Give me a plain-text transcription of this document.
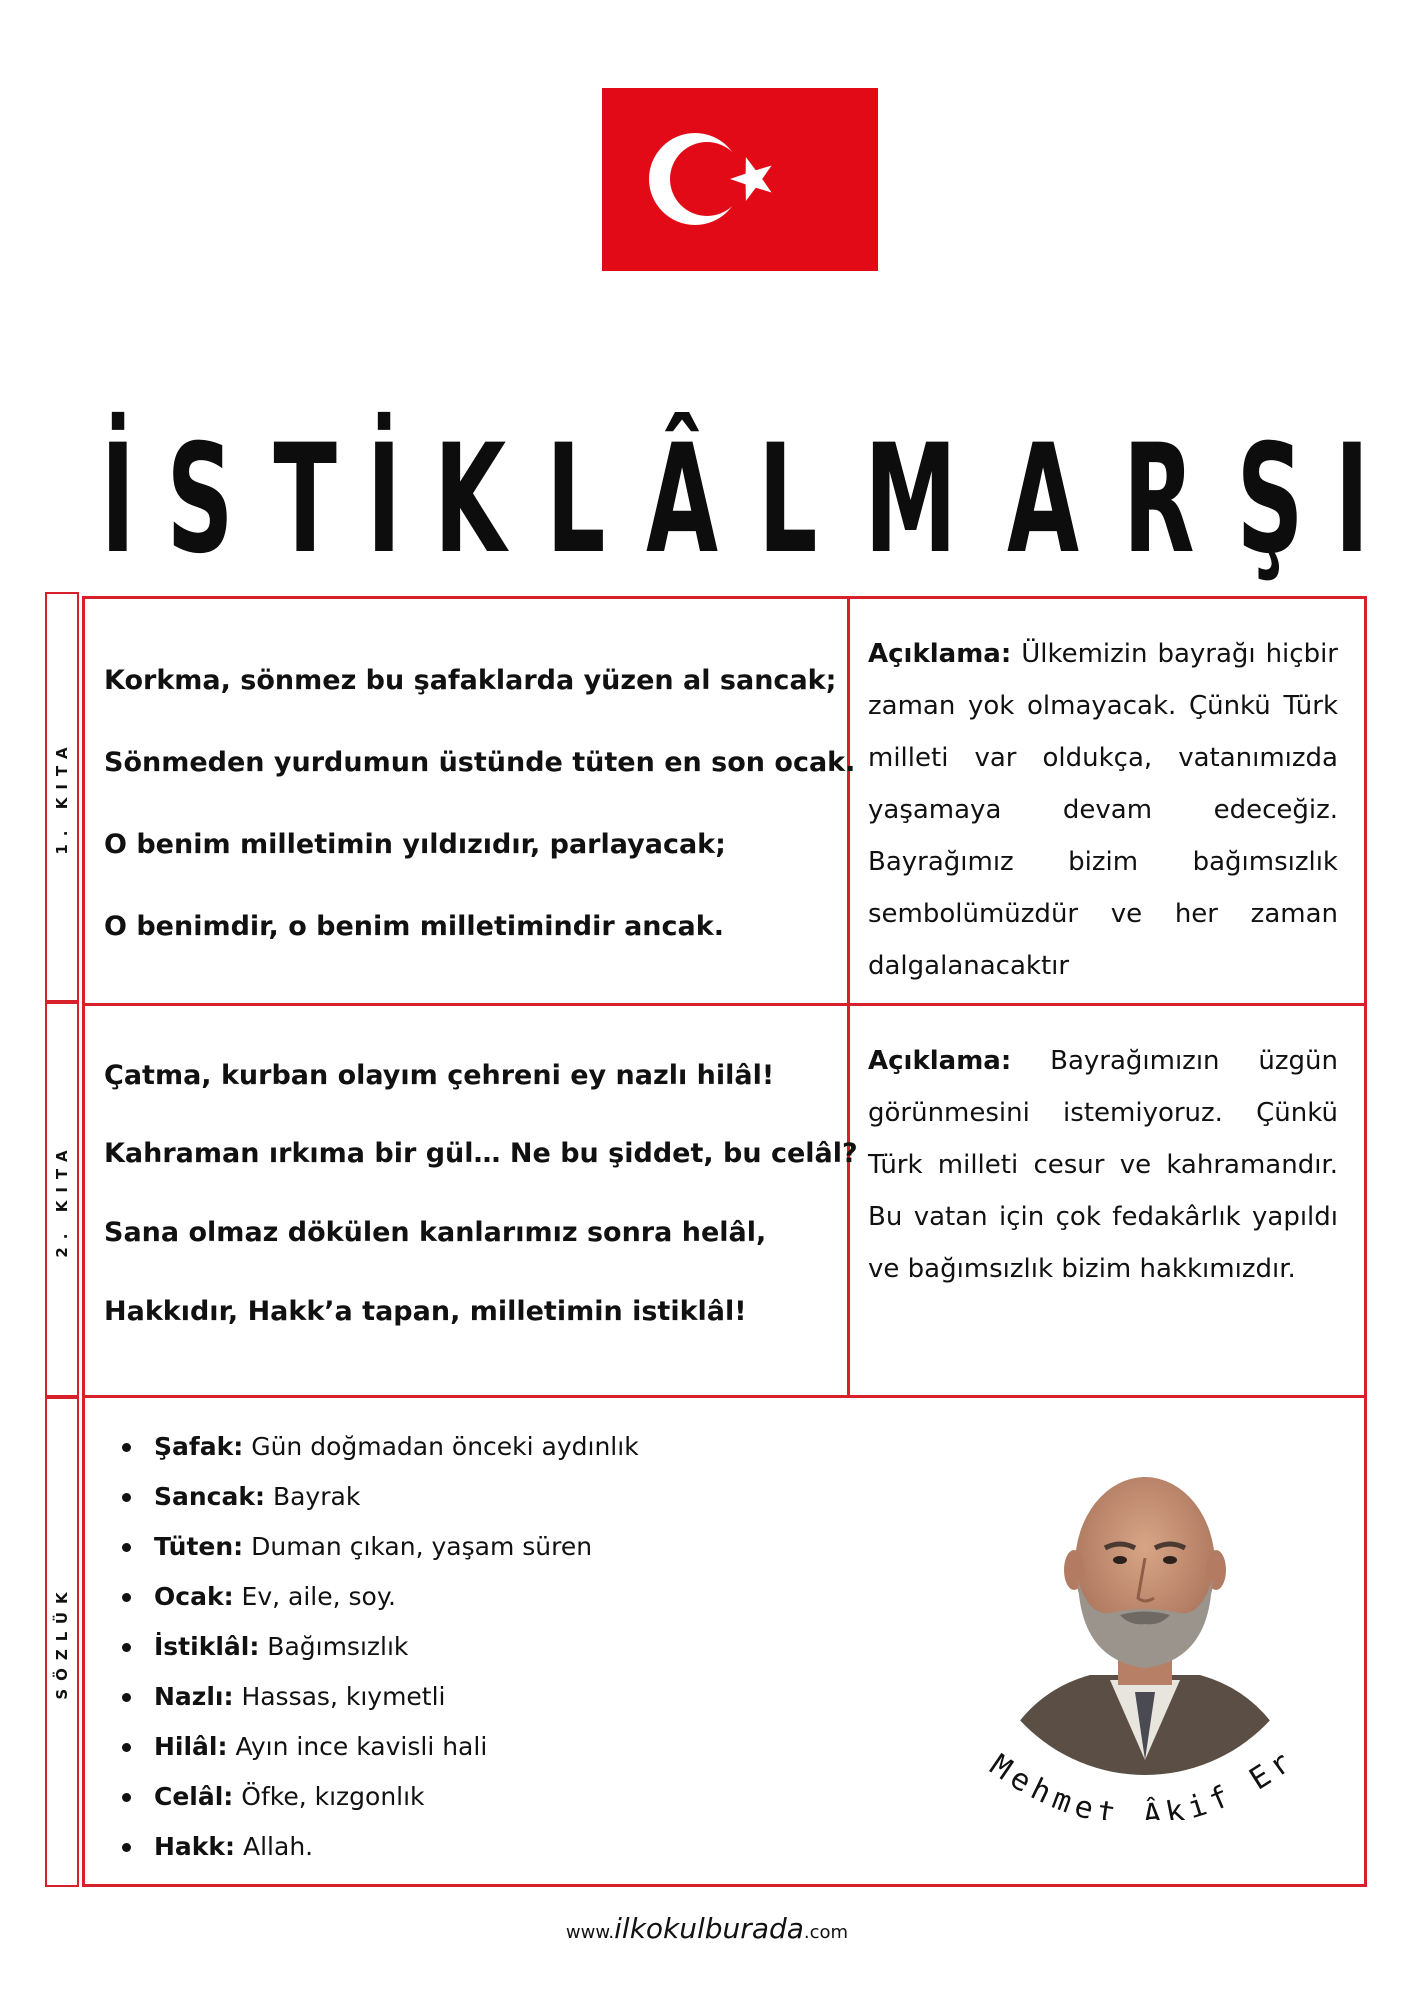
İ S T İ K L Â L M A R Ş I
1. KITA
2. KITA
SÖZLÜK

Korkma, sönmez bu şafaklarda yüzen al sancak;

Sönmeden yurdumun üstünde tüten en son ocak.

O benim milletimin yıldızıdır, parlayacak;

O benimdir, o benim milletimindir ancak.

Açıklama: Ülkemizin bayrağı hiçbir zaman yok olmayacak. Çünkü Türk milleti var oldukça, vatanımızda yaşamaya devam edeceğiz. Bayrağımız bizim bağımsızlık sembolümüzdür ve her zaman dalgalanacaktır

Çatma, kurban olayım çehreni ey nazlı hilâl!

Kahraman ırkıma bir gül… Ne bu şiddet, bu celâl?

Sana olmaz dökülen kanlarımız sonra helâl,

Hakkıdır, Hakk’a tapan, milletimin istiklâl!

Açıklama: Bayrağımızın üzgün görünmesini istemiyoruz. Çünkü Türk milleti cesur ve kahramandır. Bu vatan için çok fedakârlık yapıldı ve bağımsızlık bizim hakkımızdır.

Şafak: Gün doğmadan önceki aydınlık
Sancak: Bayrak
Tüten: Duman çıkan, yaşam süren
Ocak: Ev, aile, soy.
İstiklâl: Bağımsızlık
Nazlı: Hassas, kıymetli
Hilâl: Ayın ince kavisli hali
Celâl: Öfke, kızgonlık
Hakk: Allah.
Mehmet Âkif Er
www.ilkokulburada.com
